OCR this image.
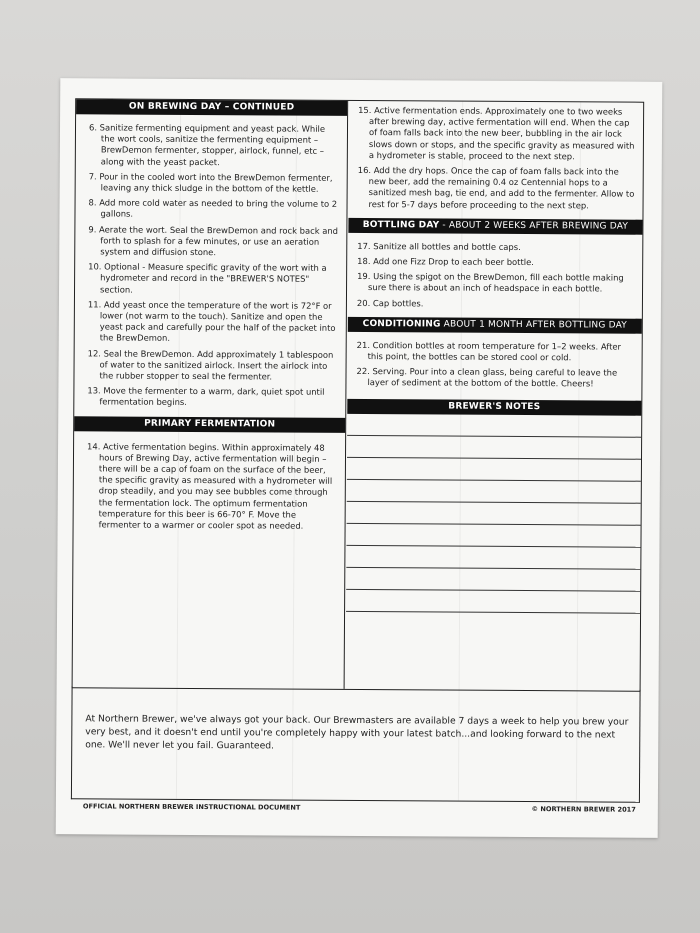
ON BREWING DAY – CONTINUED

6. Sanitize fermenting equipment and yeast pack. While the wort cools, sanitize the fermenting equipment – BrewDemon fermenter, stopper, airlock, funnel, etc – along with the yeast packet.

7. Pour in the cooled wort into the BrewDemon fermenter, leaving any thick sludge in the bottom of the kettle.

8. Add more cold water as needed to bring the volume to 2 gallons.

9. Aerate the wort. Seal the BrewDemon and rock back and forth to splash for a few minutes, or use an aeration system and diffusion stone.

10. Optional - Measure specific gravity of the wort with a hydrometer and record in the "BREWER'S NOTES" section.

11. Add yeast once the temperature of the wort is 72°F or lower (not warm to the touch). Sanitize and open the yeast pack and carefully pour the half of the packet into the BrewDemon.

12. Seal the BrewDemon. Add approximately 1 tablespoon of water to the sanitized airlock. Insert the airlock into the rubber stopper to seal the fermenter.

13. Move the fermenter to a warm, dark, quiet spot until fermentation begins.

PRIMARY FERMENTATION

14. Active fermentation begins. Within approximately 48 hours of Brewing Day, active fermentation will begin – there will be a cap of foam on the surface of the beer, the specific gravity as measured with a hydrometer will drop steadily, and you may see bubbles come through the fermentation lock. The optimum fermentation temperature for this beer is 66-70° F. Move the fermenter to a warmer or cooler spot as needed.

15. Active fermentation ends. Approximately one to two weeks after brewing day, active fermentation will end. When the cap of foam falls back into the new beer, bubbling in the air lock slows down or stops, and the specific gravity as measured with a hydrometer is stable, proceed to the next step.

16. Add the dry hops. Once the cap of foam falls back into the new beer, add the remaining 0.4 oz Centennial hops to a sanitized mesh bag, tie end, and add to the fermenter. Allow to rest for 5-7 days before proceeding to the next step.

BOTTLING DAY - ABOUT 2 WEEKS AFTER BREWING DAY

17. Sanitize all bottles and bottle caps.

18. Add one Fizz Drop to each beer bottle.

19. Using the spigot on the BrewDemon, fill each bottle making sure there is about an inch of headspace in each bottle.

20. Cap bottles.

CONDITIONING ABOUT 1 MONTH AFTER BOTTLING DAY

21. Condition bottles at room temperature for 1–2 weeks. After this point, the bottles can be stored cool or cold.

22. Serving. Pour into a clean glass, being careful to leave the layer of sediment at the bottom of the bottle. Cheers!

BREWER'S NOTES

At Northern Brewer, we've always got your back. Our Brewmasters are available 7 days a week to help you brew your very best, and it doesn't end until you're completely happy with your latest batch...and looking forward to the next one. We'll never let you fail. Guaranteed.

OFFICIAL NORTHERN BREWER INSTRUCTIONAL DOCUMENT	© NORTHERN BREWER 2017
